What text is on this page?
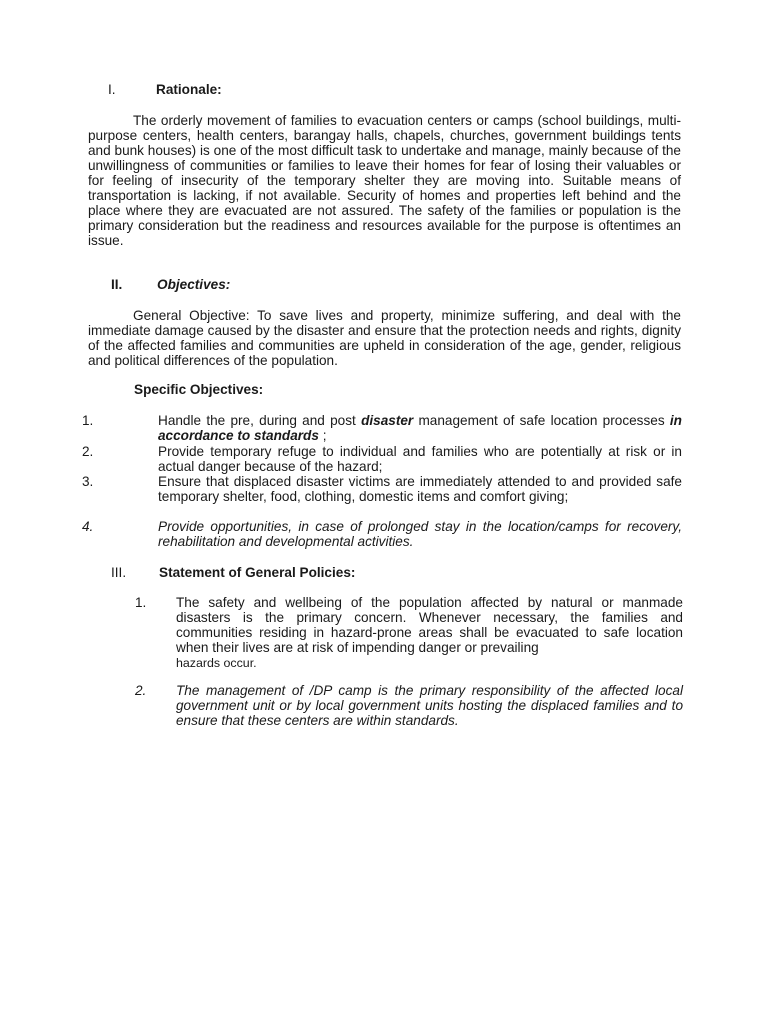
I.	Rationale:
The orderly movement of families to evacuation centers or camps (school buildings, multi-purpose centers, health centers, barangay halls, chapels, churches, government buildings tents and bunk houses) is one of the most difficult task to undertake and manage, mainly because of the unwillingness of communities or families to leave their homes for fear of losing their valuables or for feeling of insecurity of the temporary shelter they are moving into. Suitable means of transportation is lacking, if not available. Security of homes and properties left behind and the place where they are evacuated are not assured. The safety of the families or population is the primary consideration but the readiness and resources available for the purpose is oftentimes an issue.
II.	Objectives:
General Objective: To save lives and property, minimize suffering, and deal with the immediate damage caused by the disaster and ensure that the protection needs and rights, dignity of the affected families and communities are upheld in consideration of the age, gender, religious and political differences of the population.
Specific Objectives:
1.	Handle the pre, during and post disaster management of safe location processes in accordance to standards ;
2.	Provide temporary refuge to individual and families who are potentially at risk or in actual danger because of the hazard;
3.	Ensure that displaced disaster victims are immediately attended to and provided safe temporary shelter, food, clothing, domestic items and comfort giving;
4.	Provide opportunities, in case of prolonged stay in the location/camps for recovery, rehabilitation and developmental activities.
III. Statement of General Policies:
1. The safety and wellbeing of the population affected by natural or manmade disasters is the primary concern. Whenever necessary, the families and communities residing in hazard-prone areas shall be evacuated to safe location when their lives are at risk of impending danger or prevailing
hazards occur.
2. The management of /DP camp is the primary responsibility of the affected local government unit or by local government units hosting the displaced families and to ensure that these centers are within standards.
